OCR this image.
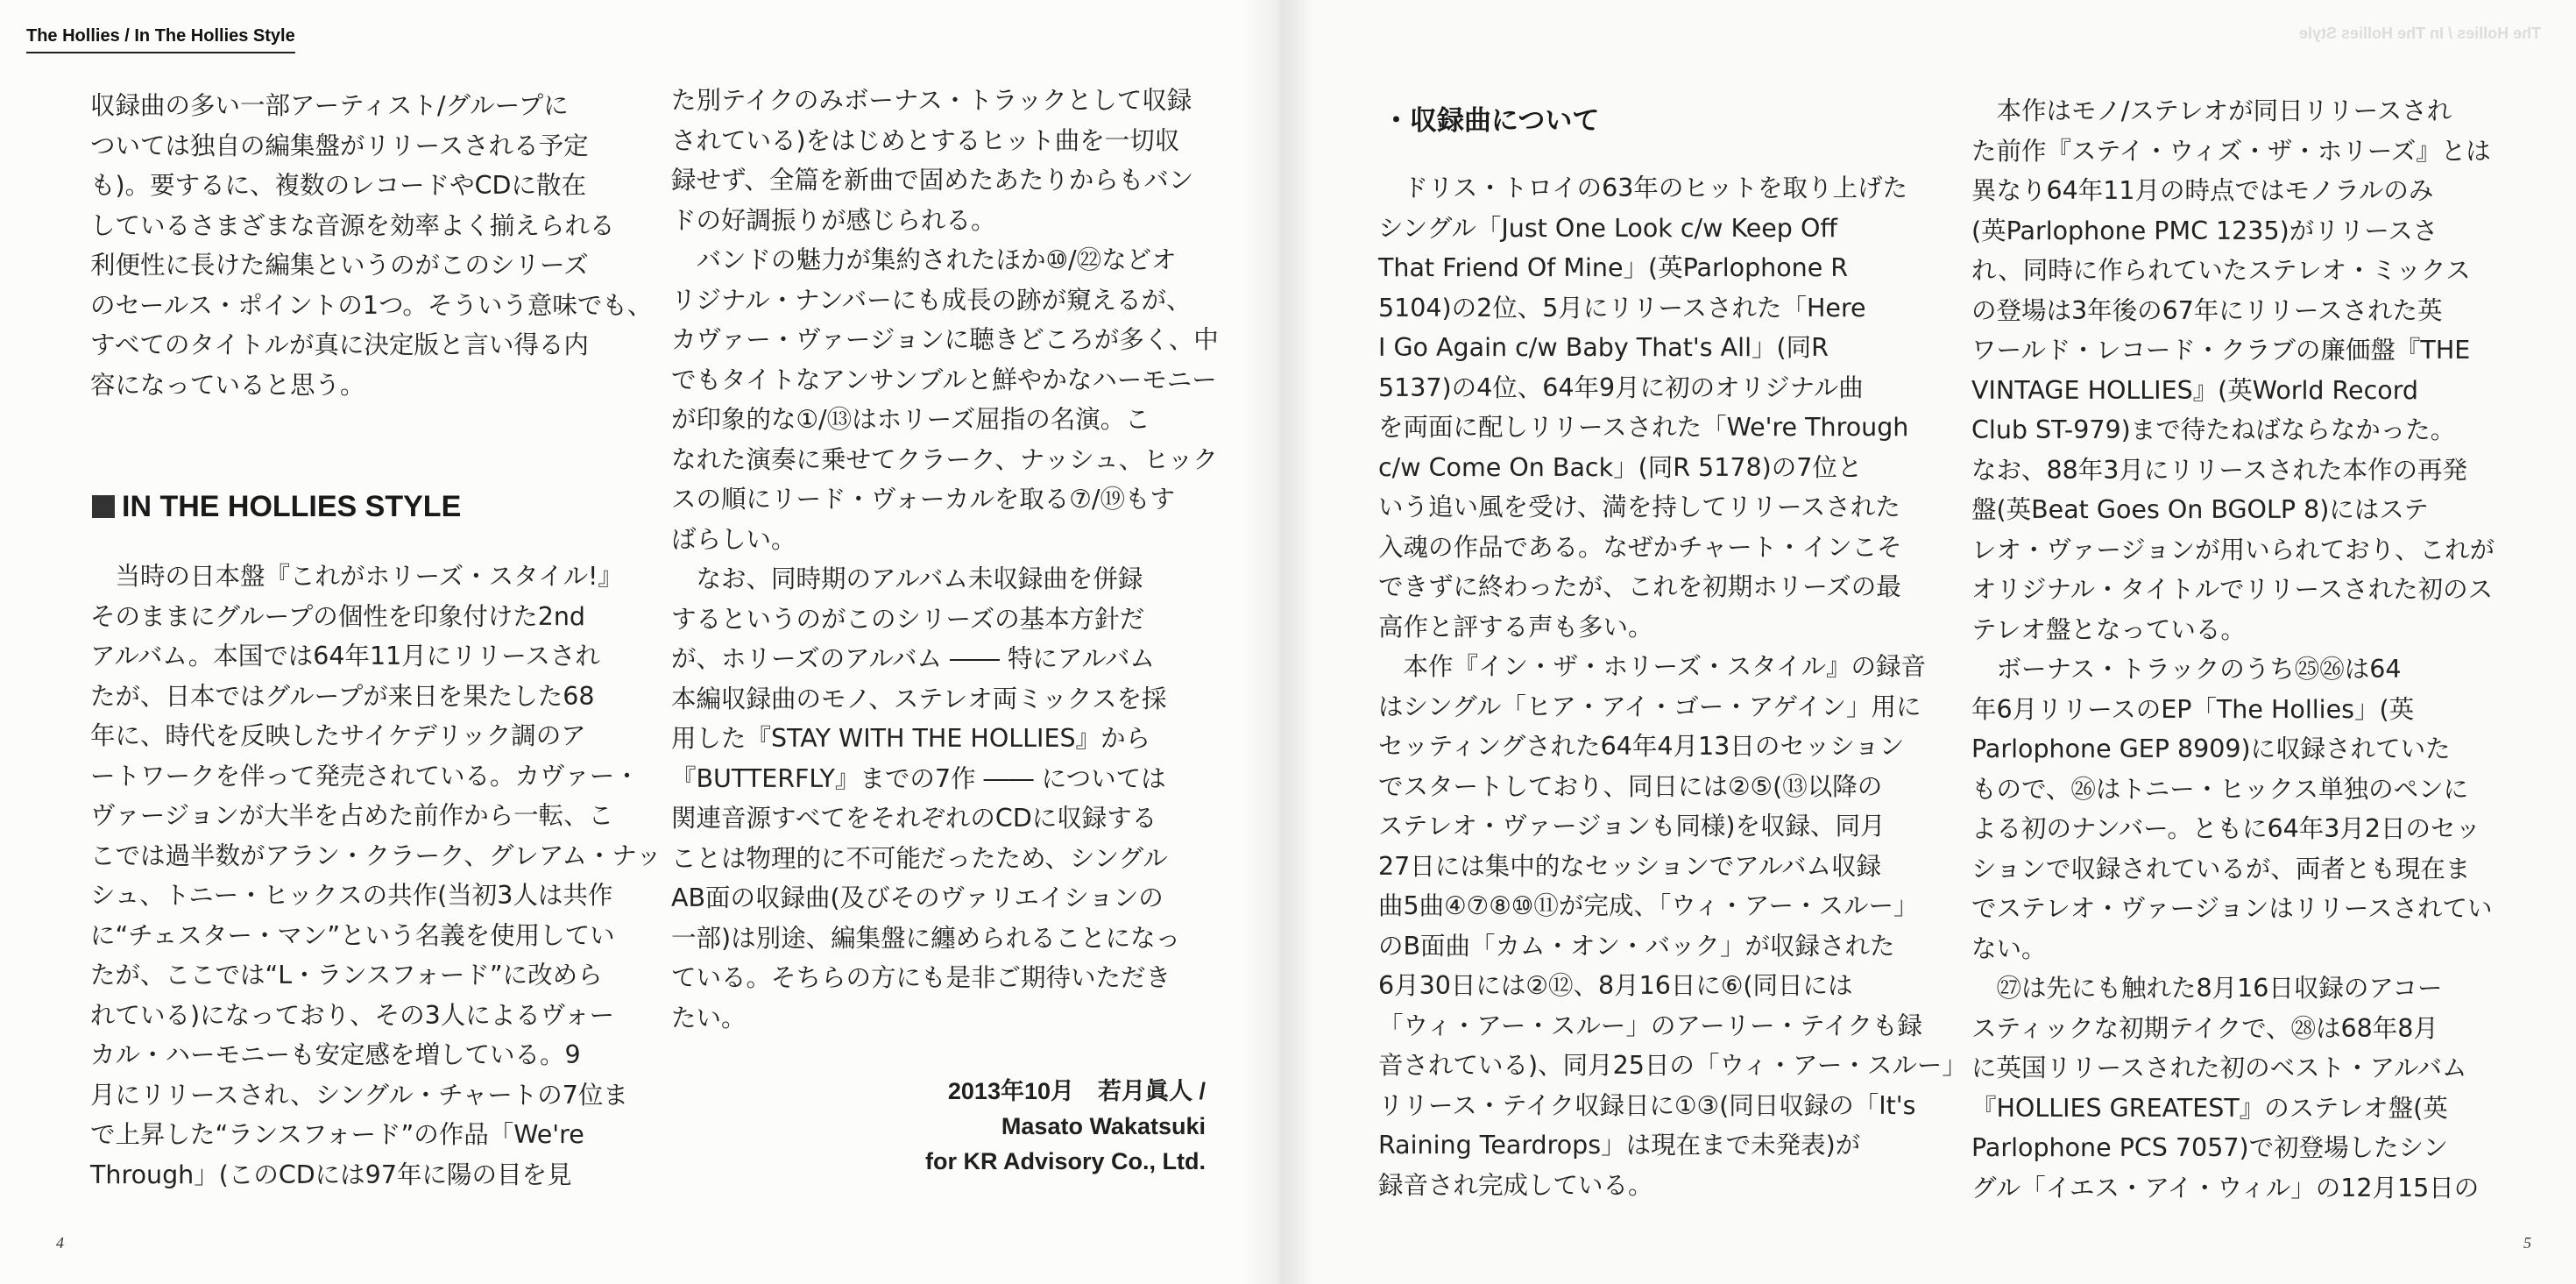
The Hollies / In The Hollies Style
収録曲の多い一部アーティスト/グループに
ついては独自の編集盤がリリースされる予定
も)。要するに、複数のレコードやCDに散在
しているさまざまな音源を効率よく揃えられる
利便性に長けた編集というのがこのシリーズ
のセールス・ポイントの1つ。そういう意味でも、
すべてのタイトルが真に決定版と言い得る内
容になっていると思う。
IN THE HOLLIES STYLE
　当時の日本盤『これがホリーズ・スタイル!』
そのままにグループの個性を印象付けた2nd
アルバム。本国では64年11月にリリースされ
たが、日本ではグループが来日を果たした68
年に、時代を反映したサイケデリック調のア
ートワークを伴って発売されている。カヴァー・
ヴァージョンが大半を占めた前作から一転、こ
こでは過半数がアラン・クラーク、グレアム・ナッ
シュ、トニー・ヒックスの共作(当初3人は共作
に“チェスター・マン”という名義を使用してい
たが、ここでは“L・ランスフォード”に改めら
れている)になっており、その3人によるヴォー
カル・ハーモニーも安定感を増している。9
月にリリースされ、シングル・チャートの7位ま
で上昇した“ランスフォード”の作品「We're
Through」(このCDには97年に陽の目を見
た別テイクのみボーナス・トラックとして収録
されている)をはじめとするヒット曲を一切収
録せず、全篇を新曲で固めたあたりからもバン
ドの好調振りが感じられる。
　バンドの魅力が集約されたほか⑩/㉒などオ
リジナル・ナンバーにも成長の跡が窺えるが、
カヴァー・ヴァージョンに聴きどころが多く、中
でもタイトなアンサンブルと鮮やかなハーモニー
が印象的な①/⑬はホリーズ屈指の名演。こ
なれた演奏に乗せてクラーク、ナッシュ、ヒック
スの順にリード・ヴォーカルを取る⑦/⑲もす
ばらしい。
　なお、同時期のアルバム未収録曲を併録
するというのがこのシリーズの基本方針だ
が、ホリーズのアルバム ―― 特にアルバム
本編収録曲のモノ、ステレオ両ミックスを採
用した『STAY WITH THE HOLLIES』から
『BUTTERFLY』までの7作 ―― については
関連音源すべてをそれぞれのCDに収録する
ことは物理的に不可能だったため、シングル
AB面の収録曲(及びそのヴァリエイションの
一部)は別途、編集盤に纏められることになっ
ている。そちらの方にも是非ご期待いただき
たい。
2013年10月　若月眞人 /
Masato Wakatsuki
for KR Advisory Co., Ltd.
4
The Hollies / In The Hollies Style
・収録曲について
　ドリス・トロイの63年のヒットを取り上げた
シングル「Just One Look c/w Keep Off
That Friend Of Mine」(英Parlophone R
5104)の2位、5月にリリースされた「Here
I Go Again c/w Baby That's All」(同R
5137)の4位、64年9月に初のオリジナル曲
を両面に配しリリースされた「We're Through
c/w Come On Back」(同R 5178)の7位と
いう追い風を受け、満を持してリリースされた
入魂の作品である。なぜかチャート・インこそ
できずに終わったが、これを初期ホリーズの最
高作と評する声も多い。
　本作『イン・ザ・ホリーズ・スタイル』の録音
はシングル「ヒア・アイ・ゴー・アゲイン」用に
セッティングされた64年4月13日のセッション
でスタートしており、同日には②⑤(⑬以降の
ステレオ・ヴァージョンも同様)を収録、同月
27日には集中的なセッションでアルバム収録
曲5曲④⑦⑧⑩⑪が完成、「ウィ・アー・スルー」
のB面曲「カム・オン・バック」が収録された
6月30日には②⑫、8月16日に⑥(同日には
「ウィ・アー・スルー」のアーリー・テイクも録
音されている)、同月25日の「ウィ・アー・スルー」
リリース・テイク収録日に①③(同日収録の「It's
Raining Teardrops」は現在まで未発表)が
録音され完成している。
　本作はモノ/ステレオが同日リリースされ
た前作『ステイ・ウィズ・ザ・ホリーズ』とは
異なり64年11月の時点ではモノラルのみ
(英Parlophone PMC 1235)がリリースさ
れ、同時に作られていたステレオ・ミックス
の登場は3年後の67年にリリースされた英
ワールド・レコード・クラブの廉価盤『THE
VINTAGE HOLLIES』(英World Record
Club ST-979)まで待たねばならなかった。
なお、88年3月にリリースされた本作の再発
盤(英Beat Goes On BGOLP 8)にはステ
レオ・ヴァージョンが用いられており、これが
オリジナル・タイトルでリリースされた初のス
テレオ盤となっている。
　ボーナス・トラックのうち㉕㉖は64
年6月リリースのEP「The Hollies」(英
Parlophone GEP 8909)に収録されていた
もので、㉖はトニー・ヒックス単独のペンに
よる初のナンバー。ともに64年3月2日のセッ
ションで収録されているが、両者とも現在ま
でステレオ・ヴァージョンはリリースされてい
ない。
　㉗は先にも触れた8月16日収録のアコー
スティックな初期テイクで、㉘は68年8月
に英国リリースされた初のベスト・アルバム
『HOLLIES GREATEST』のステレオ盤(英
Parlophone PCS 7057)で初登場したシン
グル「イエス・アイ・ウィル」の12月15日の
5
